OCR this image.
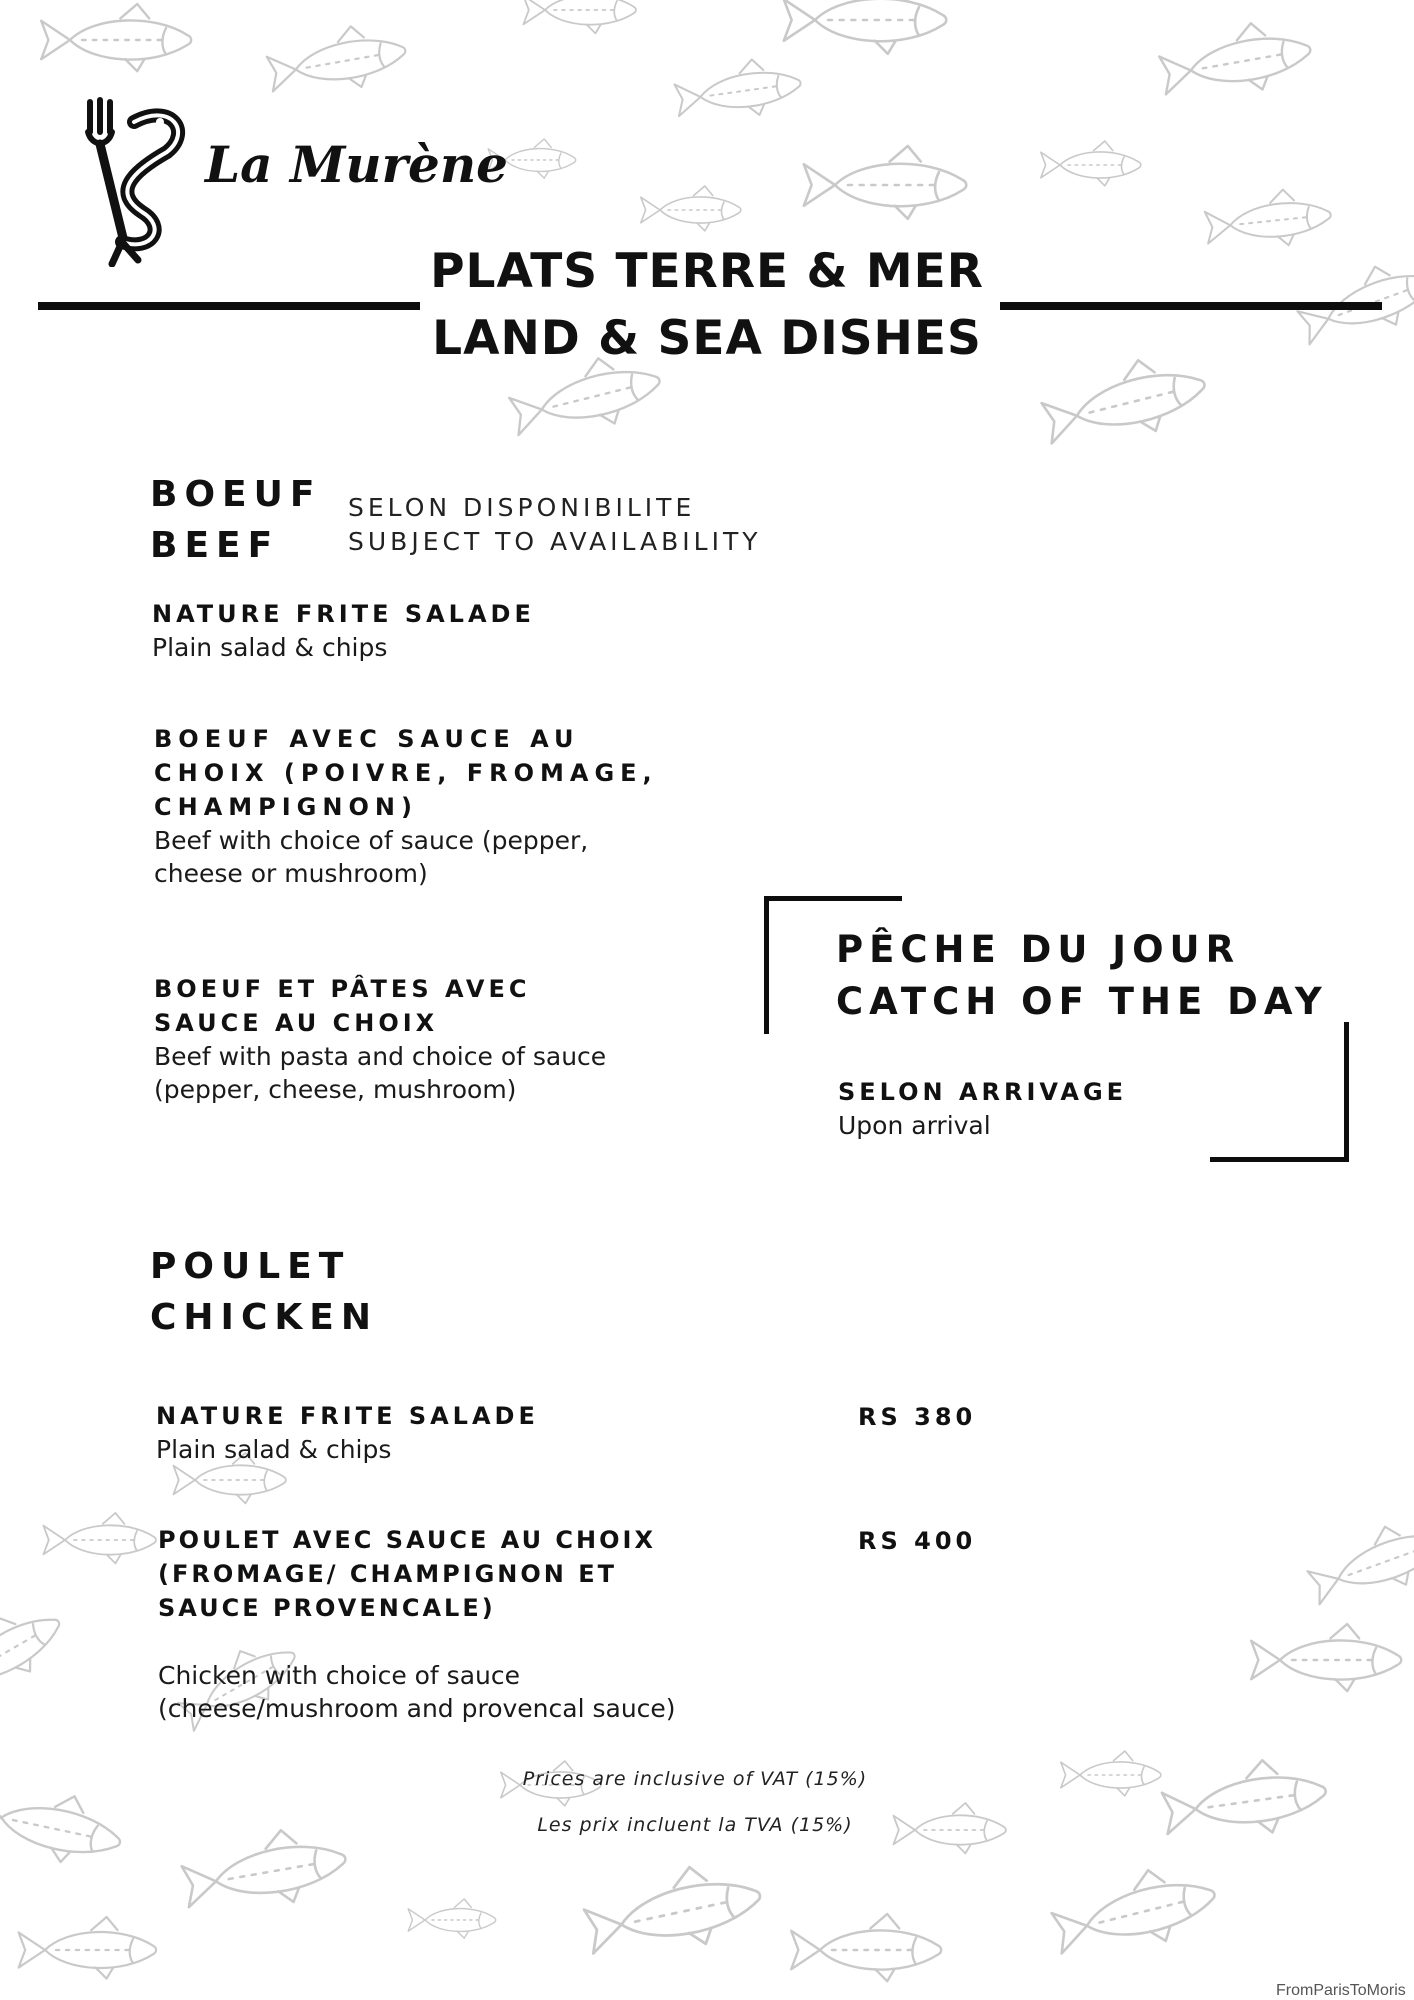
La Murène
PLATS TERRE & MER
LAND & SEA DISHES
BOEUF
BEEF
SELON DISPONIBILITE
SUBJECT TO AVAILABILITY
NATURE FRITE SALADE
Plain salad & chips
BOEUF AVEC SAUCE AU CHOIX (POIVRE, FROMAGE, CHAMPIGNON)
Beef with choice of sauce (pepper, cheese or mushroom)
BOEUF ET PÂTES AVEC SAUCE AU CHOIX
Beef with pasta and choice of sauce (pepper, cheese, mushroom)
PÊCHE DU JOUR
CATCH OF THE DAY
SELON ARRIVAGE
Upon arrival
POULET
CHICKEN
NATURE FRITE SALADE
Plain salad & chips
RS 380
POULET AVEC SAUCE AU CHOIX (FROMAGE/ CHAMPIGNON ET SAUCE PROVENCALE)
Chicken with choice of sauce (cheese/mushroom and provencal sauce)
RS 400
Prices are inclusive of VAT (15%)
Les prix incluent la TVA (15%)
FromParisToMoris
